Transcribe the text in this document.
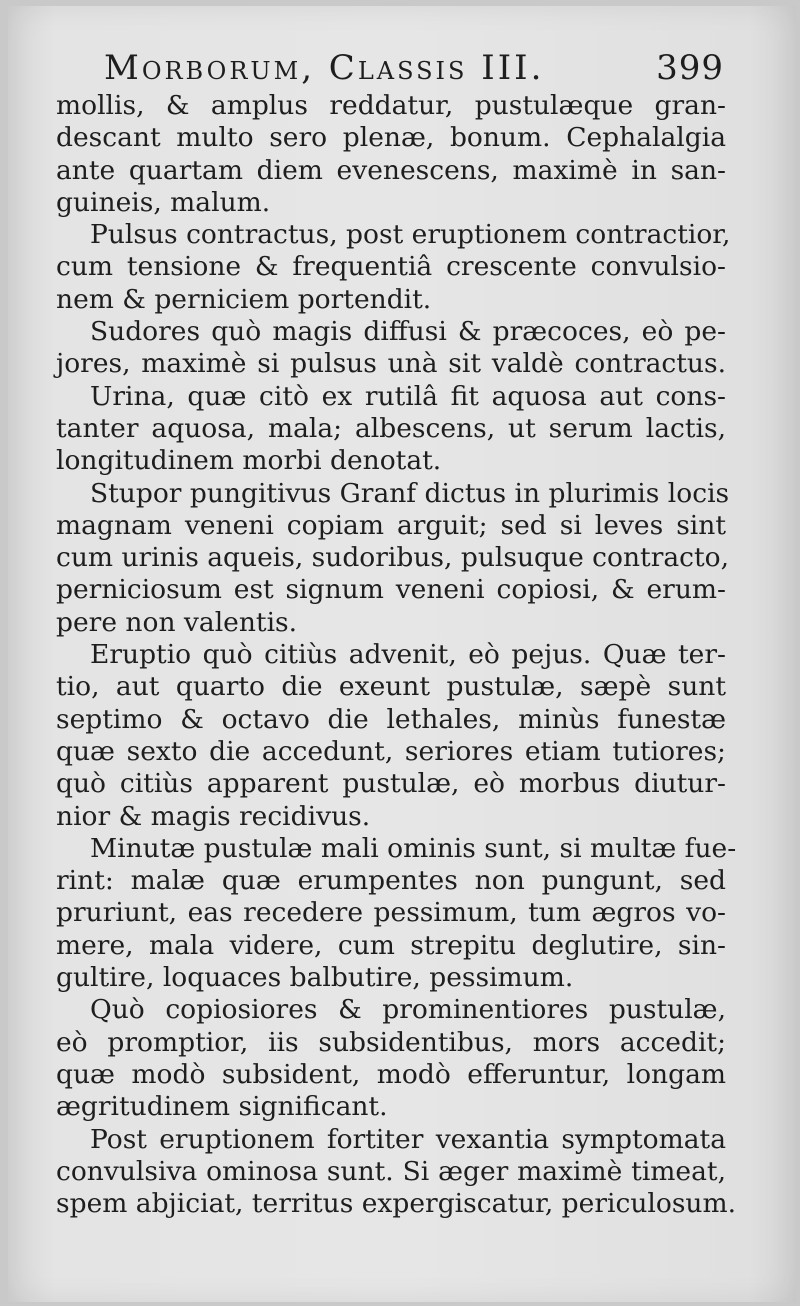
Morborum, Classis III.	399

mollis, & amplus reddatur, pustulæque gran-
descant multo sero plenæ, bonum. Cephalalgia
ante quartam diem evenescens, maximè in san-
guineis, malum.

Pulsus contractus, post eruptionem contractior,
cum tensione & frequentiâ crescente convulsio-
nem & perniciem portendit.

Sudores quò magis diffusi & præcoces, eò pe-
jores, maximè si pulsus unà sit valdè contractus.

Urina, quæ citò ex rutilâ fit aquosa aut cons-
tanter aquosa, mala; albescens, ut serum lactis,
longitudinem morbi denotat.

Stupor pungitivus Granf dictus in plurimis locis
magnam veneni copiam arguit; sed si leves sint
cum urinis aqueis, sudoribus, pulsuque contracto,
perniciosum est signum veneni copiosi, & erum-
pere non valentis.

Eruptio quò citiùs advenit, eò pejus. Quæ ter-
tio, aut quarto die exeunt pustulæ, sæpè sunt
septimo & octavo die lethales, minùs funestæ
quæ sexto die accedunt, seriores etiam tutiores;
quò citiùs apparent pustulæ, eò morbus diutur-
nior & magis recidivus.

Minutæ pustulæ mali ominis sunt, si multæ fue-
rint: malæ quæ erumpentes non pungunt, sed
pruriunt, eas recedere pessimum, tum ægros vo-
mere, mala videre, cum strepitu deglutire, sin-
gultire, loquaces balbutire, pessimum.

Quò copiosiores & prominentiores pustulæ,
eò promptior, iis subsidentibus, mors accedit;
quæ modò subsident, modò efferuntur, longam
ægritudinem significant.

Post eruptionem fortiter vexantia symptomata
convulsiva ominosa sunt. Si æger maximè timeat,
spem abjiciat, territus expergiscatur, periculosum.
